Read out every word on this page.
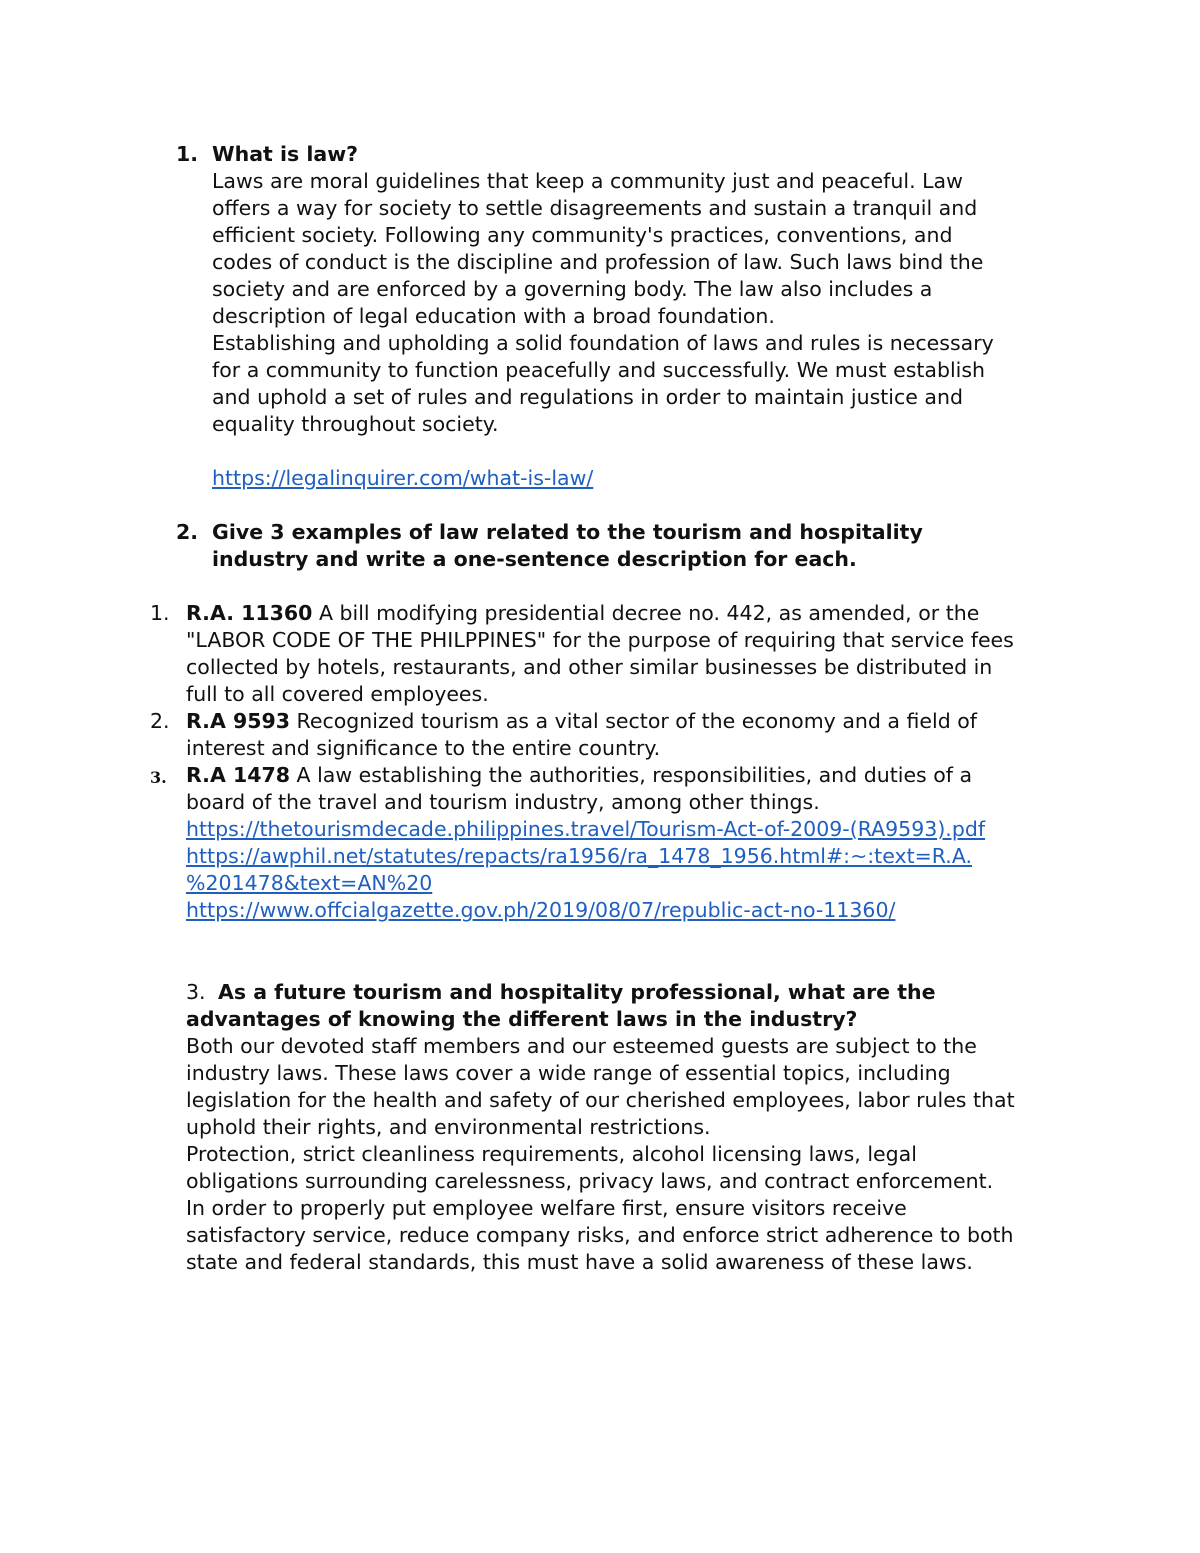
1. What is law?
Laws are moral guidelines that keep a community just and peaceful. Law
offers a way for society to settle disagreements and sustain a tranquil and
efficient society. Following any community's practices, conventions, and
codes of conduct is the discipline and profession of law. Such laws bind the
society and are enforced by a governing body. The law also includes a
description of legal education with a broad foundation.
Establishing and upholding a solid foundation of laws and rules is necessary
for a community to function peacefully and successfully. We must establish
and uphold a set of rules and regulations in order to maintain justice and
equality throughout society.
https://legalinquirer.com/what-is-law/
2. Give 3 examples of law related to the tourism and hospitality
industry and write a one-sentence description for each.
1. R.A. 11360 A bill modifying presidential decree no. 442, as amended, or the
"LABOR CODE OF THE PHILPPINES" for the purpose of requiring that service fees
collected by hotels, restaurants, and other similar businesses be distributed in
full to all covered employees.
2. R.A 9593 Recognized tourism as a vital sector of the economy and a field of
interest and significance to the entire country.
3. R.A 1478 A law establishing the authorities, responsibilities, and duties of a
board of the travel and tourism industry, among other things.
https://thetourismdecade.philippines.travel/Tourism-Act-of-2009-(RA9593).pdf
https://awphil.net/statutes/repacts/ra1956/ra_1478_1956.html#:~:text=R.A.
%201478&text=AN%20
https://www.offcialgazette.gov.ph/2019/08/07/republic-act-no-11360/
3. As a future tourism and hospitality professional, what are the
advantages of knowing the different laws in the industry?
Both our devoted staff members and our esteemed guests are subject to the
industry laws. These laws cover a wide range of essential topics, including
legislation for the health and safety of our cherished employees, labor rules that
uphold their rights, and environmental restrictions.
Protection, strict cleanliness requirements, alcohol licensing laws, legal
obligations surrounding carelessness, privacy laws, and contract enforcement.
In order to properly put employee welfare first, ensure visitors receive
satisfactory service, reduce company risks, and enforce strict adherence to both
state and federal standards, this must have a solid awareness of these laws.
